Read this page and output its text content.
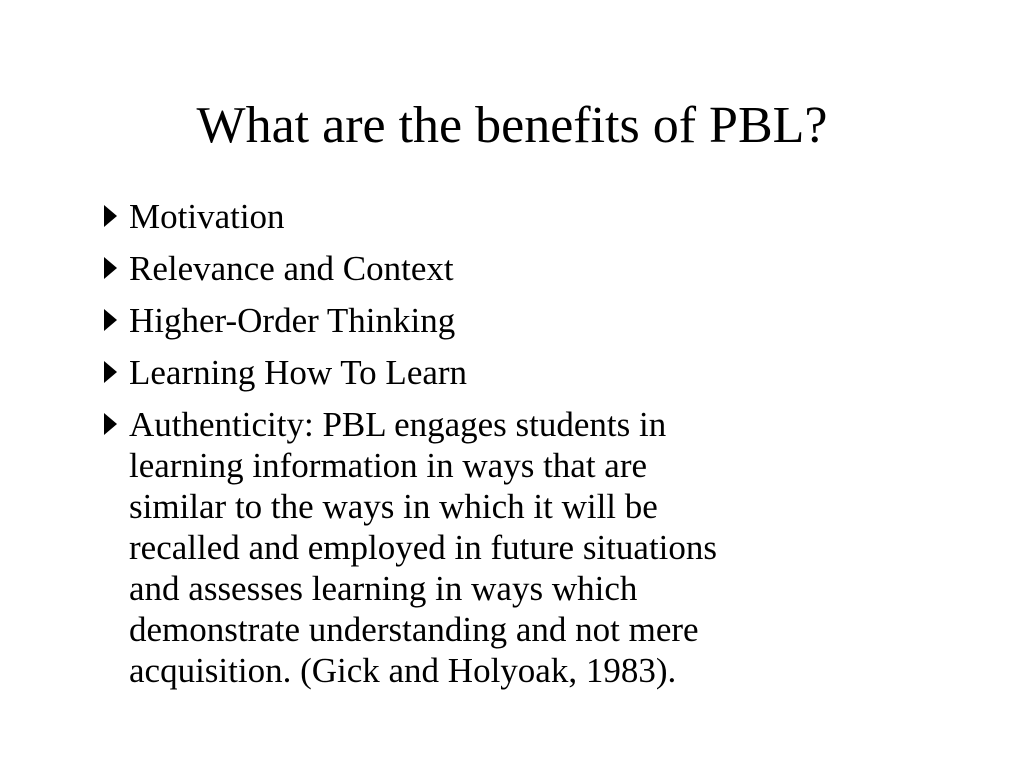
What are the benefits of PBL?
Motivation
Relevance and Context
Higher-Order Thinking
Learning How To Learn
Authenticity: PBL engages students in
learning information in ways that are
similar to the ways in which it will be
recalled and employed in future situations
and assesses learning in ways which
demonstrate understanding and not mere
acquisition. (Gick and Holyoak, 1983).
